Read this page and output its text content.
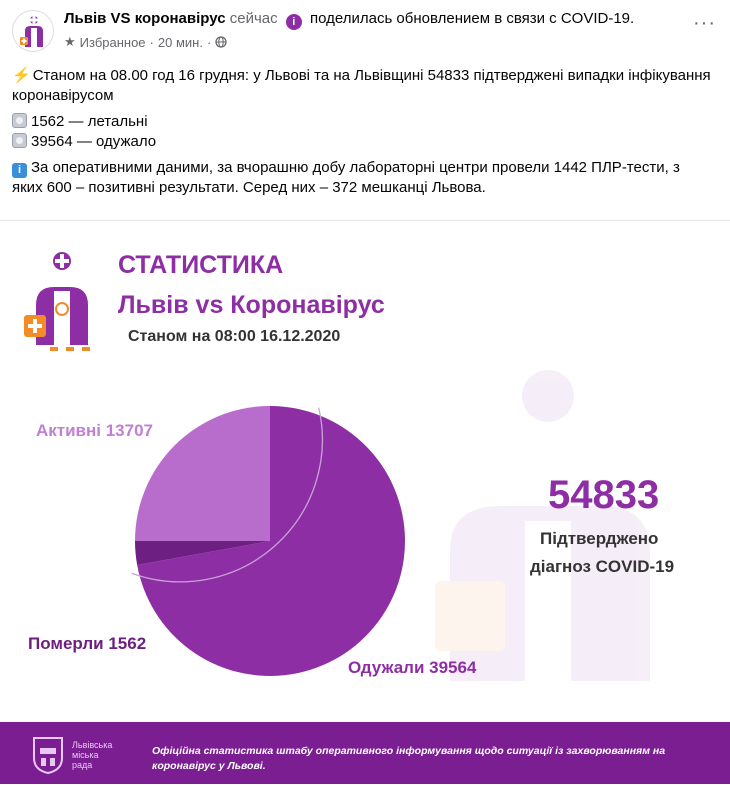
Львів VS коронавірус сейчас i поделилась обновлением в связи с COVID-19.
★ Избранное · 20 мин. ·
···
⚡ Станом на 08.00 год 16 грудня: у Львові та на Львівщині 54833 підтверджені випадки інфікування коронавірусом
1562 — летальні
39564 — одужало
i За оперативними даними, за вчорашню добу лабораторні центри провели 1442 ПЛР-тести, з яких 600 – позитивні результати. Серед них – 372 мешканці Львова.
СТАТИСТИКА
Львів vs Коронавірус
Станом на 08:00 16.12.2020
Активні 13707
Одужали 39564
Померли 1562
54833
Підтверджено
діагноз COVID-19
Львівська
міська
рада
Офіційна статистика штабу оперативного інформування щодо ситуації із захворюванням на коронавірус у Львові.
